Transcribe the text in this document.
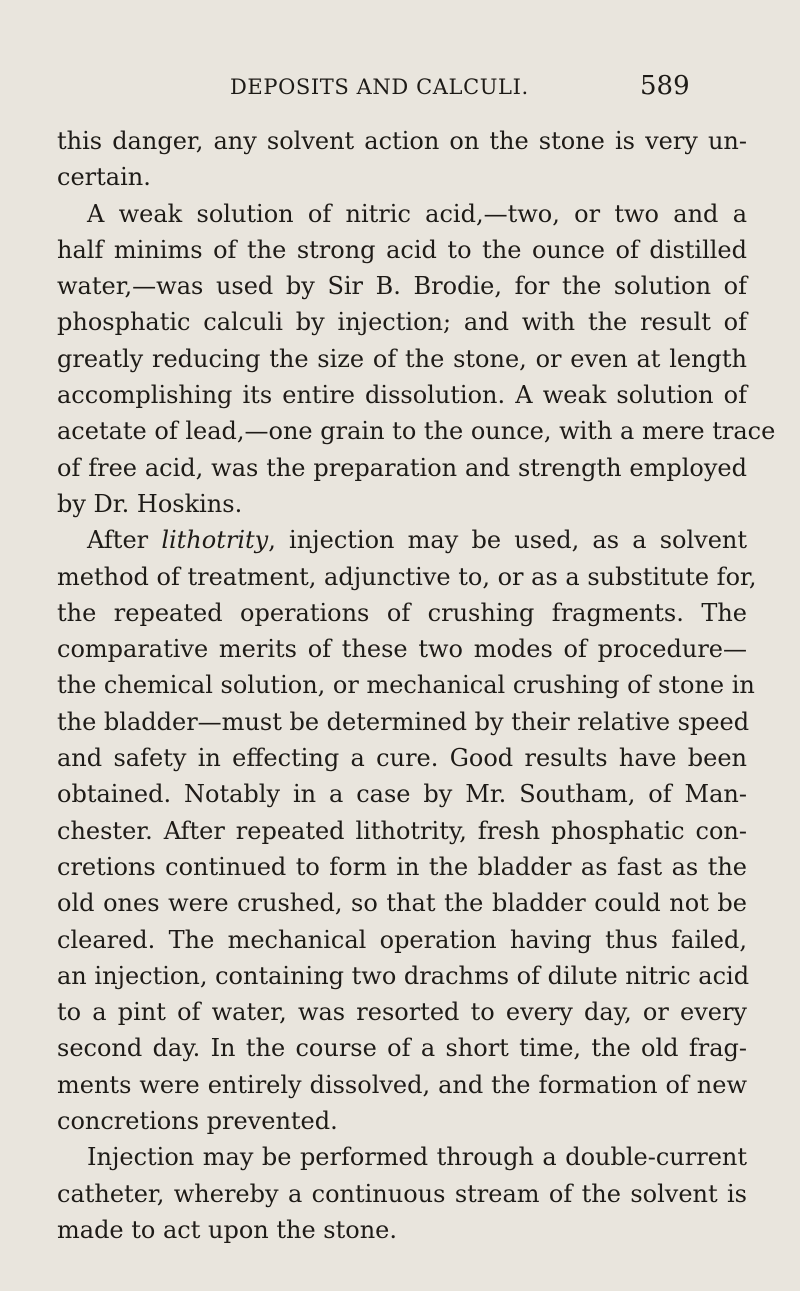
DEPOSITS AND CALCULI.	589
this danger, any solvent action on the stone is very un-
certain.
A weak solution of nitric acid,—two, or two and a
half minims of the strong acid to the ounce of distilled
water,—was used by Sir B. Brodie, for the solution of
phosphatic calculi by injection; and with the result of
greatly reducing the size of the stone, or even at length
accomplishing its entire dissolution. A weak solution of
acetate of lead,—one grain to the ounce, with a mere trace
of free acid, was the preparation and strength employed
by Dr. Hoskins.
After lithotrity, injection may be used, as a solvent
method of treatment, adjunctive to, or as a substitute for,
the repeated operations of crushing fragments. The
comparative merits of these two modes of procedure—
the chemical solution, or mechanical crushing of stone in
the bladder—must be determined by their relative speed
and safety in effecting a cure. Good results have been
obtained. Notably in a case by Mr. Southam, of Man-
chester. After repeated lithotrity, fresh phosphatic con-
cretions continued to form in the bladder as fast as the
old ones were crushed, so that the bladder could not be
cleared. The mechanical operation having thus failed,
an injection, containing two drachms of dilute nitric acid
to a pint of water, was resorted to every day, or every
second day. In the course of a short time, the old frag-
ments were entirely dissolved, and the formation of new
concretions prevented.
Injection may be performed through a double-current
catheter, whereby a continuous stream of the solvent is
made to act upon the stone.
